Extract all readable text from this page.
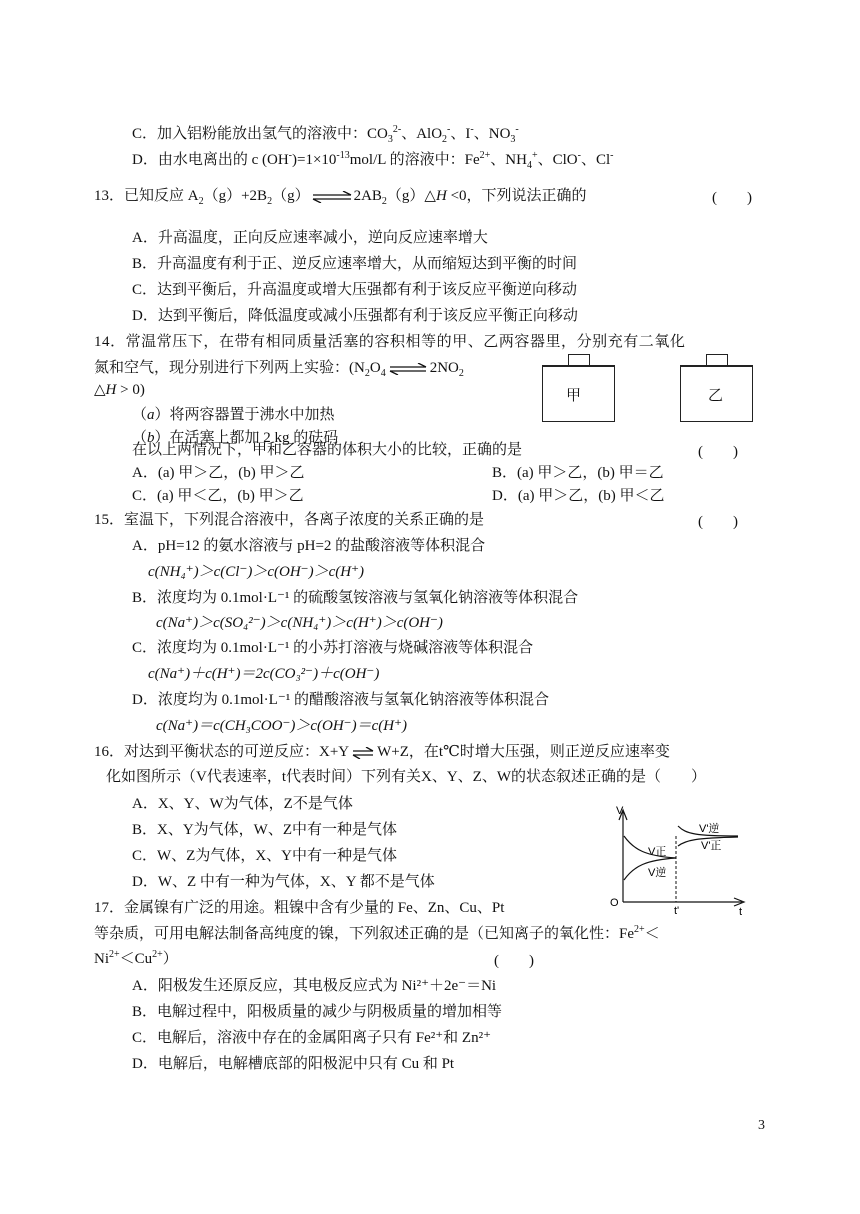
C．加入铝粉能放出氢气的溶液中：$CO_3^{2-}$、AlO$_2$-、I-、$NO_3^-$
D．由水电离出的 c $(OH^-)=1\times 10^{-13}mol/L$ 的溶液中：$Fe^{2+}$、$NH_4^+$、ClO-、Cl-
13．已知反应 $A_2(g)+2B_2(g)\rightleftharpoons 2AB_2(g)\triangle H <0$，下列说法正确的	(　　)
A．升高温度，正向反应速率减小，逆向反应速率增大
B．升高温度有利于正、逆反应速率增大，从而缩短达到平衡的时间
C．达到平衡后，升高温度或增大压强都有利于该反应平衡逆向移动
D．达到平衡后，降低温度或减小压强都有利于该反应平衡正向移动
14．常温常压下，在带有相同质量活塞的容积相等的甲、乙两容器里，分别充有二氧化
氮和空气，现分别进行下列两上实验：($N_2O_4$ ⇌ $2NO_2$
△H > 0)
（a）将两容器置于沸水中加热
（b）在活塞上都加 2 kg 的砝码
甲	乙
在以上两情况下，甲和乙容器的体积大小的比较，正确的是	(　　)
A．(a) 甲＞乙，(b) 甲＞乙	B．(a) 甲＞乙，(b) 甲＝乙
C．(a) 甲＜乙，(b) 甲＞乙	D．(a) 甲＞乙，(b) 甲＜乙
15．室温下，下列混合溶液中，各离子浓度的关系正确的是	(　　)
A．pH=12 的氨水溶液与 pH=2 的盐酸溶液等体积混合
c(NH₄⁺)＞c(Cl⁻)＞c(OH⁻)＞c(H⁺)
B．浓度均为 0.1mol·L⁻¹ 的硫酸氢铵溶液与氢氧化钠溶液等体积混合
c(Na⁺)＞c(SO₄²⁻)＞c(NH₄⁺)＞c(H⁺)＞c(OH⁻)
C．浓度均为 0.1mol·L⁻¹ 的小苏打溶液与烧碱溶液等体积混合
c(Na⁺)＋c(H⁺)＝2c(CO₃²⁻)＋c(OH⁻)
D．浓度均为 0.1mol·L⁻¹ 的醋酸溶液与氢氧化钠溶液等体积混合
c(Na⁺)＝c(CH₃COO⁻)＞c(OH⁻)＝c(H⁺)
16．对达到平衡状态的可逆反应：X+Y ⇌ W+Z，在t℃时增大压强，则正逆反应速率变
化如图所示（V代表速率，t代表时间）下列有关X、Y、Z、W的状态叙述正确的是（　　）
A．X、Y、W为气体，Z不是气体
B．X、Y为气体，W、Z中有一种是气体
C．W、Z为气体，X、Y中有一种是气体
D．W、Z 中有一种为气体，X、Y 都不是气体
V
O
t
t'
V正
V逆
V'逆
V'正
17．金属镍有广泛的用途。粗镍中含有少量的 Fe、Zn、Cu、Pt
等杂质，可用电解法制备高纯度的镍，下列叙述正确的是（已知离子的氧化性：$Fe^{2+}<$
$Ni^{2+}<Cu^{2+}$）	(　　)
A．阳极发生还原反应，其电极反应式为 Ni²⁺＋2e⁻＝Ni
B．电解过程中，阳极质量的减少与阴极质量的增加相等
C．电解后，溶液中存在的金属阳离子只有 Fe²⁺和 Zn²⁺
D．电解后，电解槽底部的阳极泥中只有 Cu 和 Pt
3
